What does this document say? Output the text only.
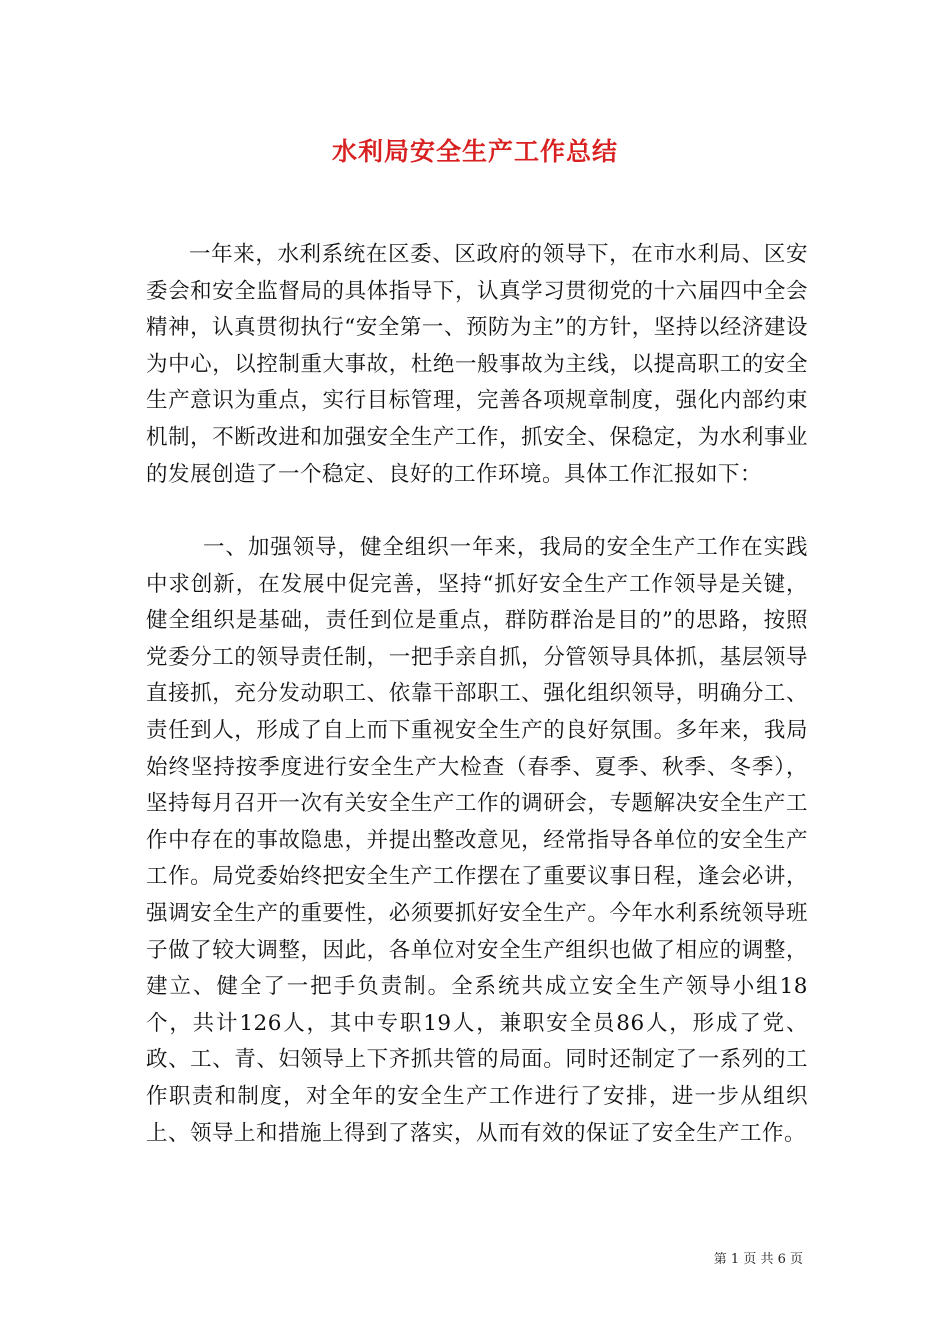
水利局安全生产工作总结

一年来，水利系统在区委、区政府的领导下，在市水利局、区安委会和安全监督局的具体指导下，认真学习贯彻党的十六届四中全会精神，认真贯彻执行“安全第一、预防为主”的方针，坚持以经济建设为中心，以控制重大事故，杜绝一般事故为主线，以提高职工的安全生产意识为重点，实行目标管理，完善各项规章制度，强化内部约束机制，不断改进和加强安全生产工作，抓安全、保稳定，为水利事业的发展创造了一个稳定、良好的工作环境。具体工作汇报如下：

一、加强领导，健全组织一年来，我局的安全生产工作在实践中求创新，在发展中促完善，坚持“抓好安全生产工作领导是关键，健全组织是基础，责任到位是重点，群防群治是目的”的思路，按照党委分工的领导责任制，一把手亲自抓，分管领导具体抓，基层领导直接抓，充分发动职工、依靠干部职工、强化组织领导，明确分工、责任到人，形成了自上而下重视安全生产的良好氛围。多年来，我局始终坚持按季度进行安全生产大检查（春季、夏季、秋季、冬季），坚持每月召开一次有关安全生产工作的调研会，专题解决安全生产工作中存在的事故隐患，并提出整改意见，经常指导各单位的安全生产工作。局党委始终把安全生产工作摆在了重要议事日程，逢会必讲，强调安全生产的重要性，必须要抓好安全生产。今年水利系统领导班子做了较大调整，因此，各单位对安全生产组织也做了相应的调整，建立、健全了一把手负责制。全系统共成立安全生产领导小组18个，共计126人，其中专职19人，兼职安全员86人，形成了党、政、工、青、妇领导上下齐抓共管的局面。同时还制定了一系列的工作职责和制度，对全年的安全生产工作进行了安排，进一步从组织上、领导上和措施上得到了落实，从而有效的保证了安全生产工作。

第 1 页 共 6 页
